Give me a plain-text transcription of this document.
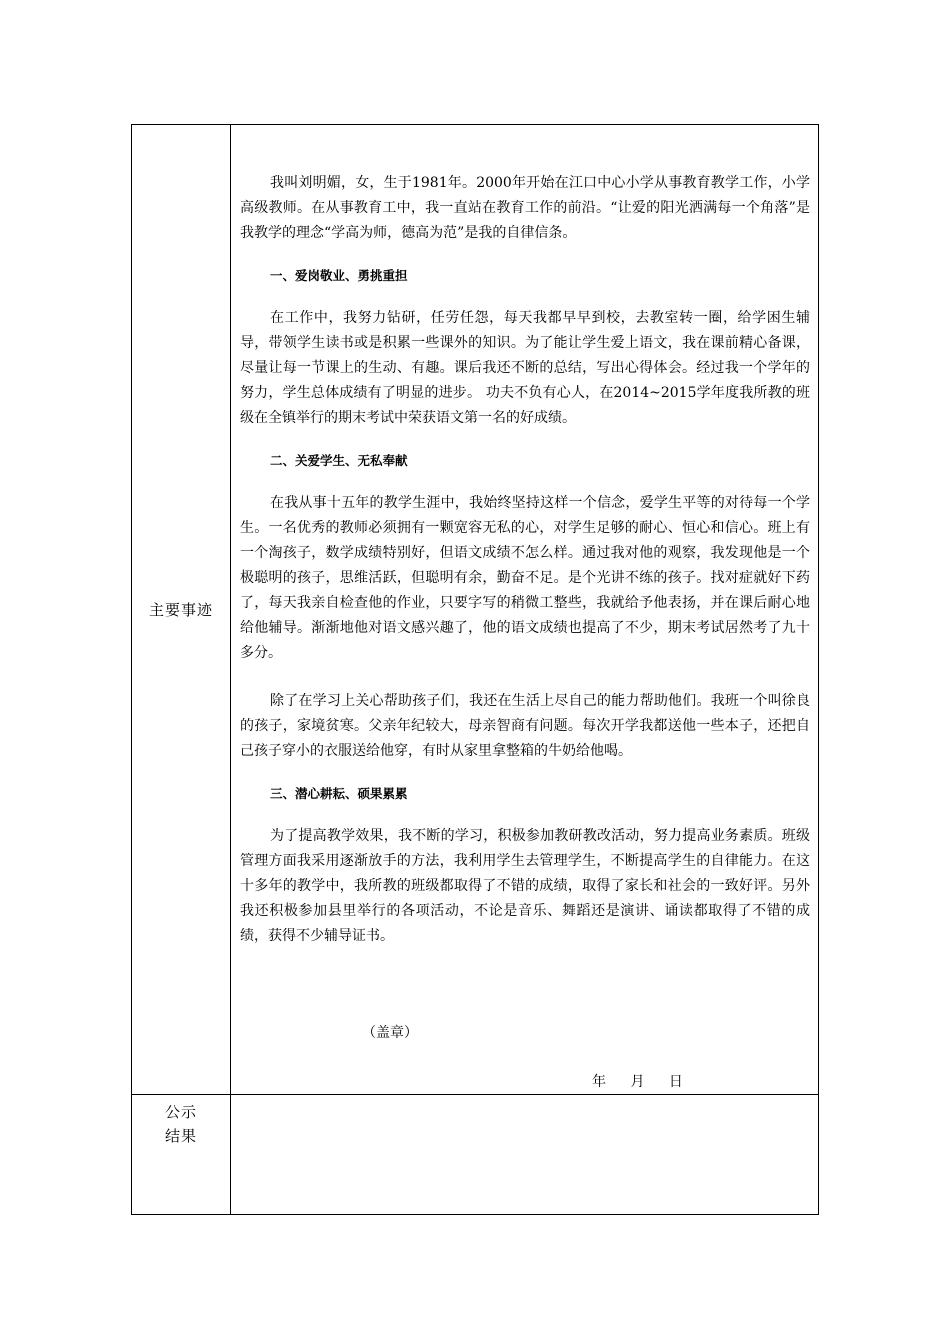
主要事迹
公示
结果

我叫刘明媚，女，生于1981年。2000年开始在江口中心小学从事教育教学工作，小学高级教师。在从事教育工中，我一直站在教育工作的前沿。“让爱的阳光洒满每一个角落”是我教学的理念“学高为师，德高为范”是我的自律信条。

一、爱岗敬业、勇挑重担

在工作中，我努力钻研，任劳任怨，每天我都早早到校，去教室转一圈，给学困生辅导，带领学生读书或是积累一些课外的知识。为了能让学生爱上语文，我在课前精心备课，尽量让每一节课上的生动、有趣。课后我还不断的总结，写出心得体会。经过我一个学年的努力，学生总体成绩有了明显的进步。 功夫不负有心人，在2014~2015学年度我所教的班级在全镇举行的期末考试中荣获语文第一名的好成绩。

二、关爱学生、无私奉献

在我从事十五年的教学生涯中，我始终坚持这样一个信念，爱学生平等的对待每一个学生。一名优秀的教师必须拥有一颗宽容无私的心，对学生足够的耐心、恒心和信心。班上有一个淘孩子，数学成绩特别好，但语文成绩不怎么样。通过我对他的观察，我发现他是一个极聪明的孩子，思维活跃，但聪明有余，勤奋不足。是个光讲不练的孩子。找对症就好下药了，每天我亲自检查他的作业，只要字写的稍微工整些，我就给予他表扬，并在课后耐心地给他辅导。渐渐地他对语文感兴趣了，他的语文成绩也提高了不少，期末考试居然考了九十多分。

除了在学习上关心帮助孩子们，我还在生活上尽自己的能力帮助他们。我班一个叫徐良的孩子，家境贫寒。父亲年纪较大，母亲智商有问题。每次开学我都送他一些本子，还把自己孩子穿小的衣服送给他穿，有时从家里拿整箱的牛奶给他喝。

三、潜心耕耘、硕果累累

为了提高教学效果，我不断的学习，积极参加教研教改活动，努力提高业务素质。班级管理方面我采用逐渐放手的方法，我利用学生去管理学生，不断提高学生的自律能力。在这十多年的教学中，我所教的班级都取得了不错的成绩，取得了家长和社会的一致好评。另外我还积极参加县里举行的各项活动，不论是音乐、舞蹈还是演讲、诵读都取得了不错的成绩，获得不少辅导证书。

（盖章）
年 月 日
